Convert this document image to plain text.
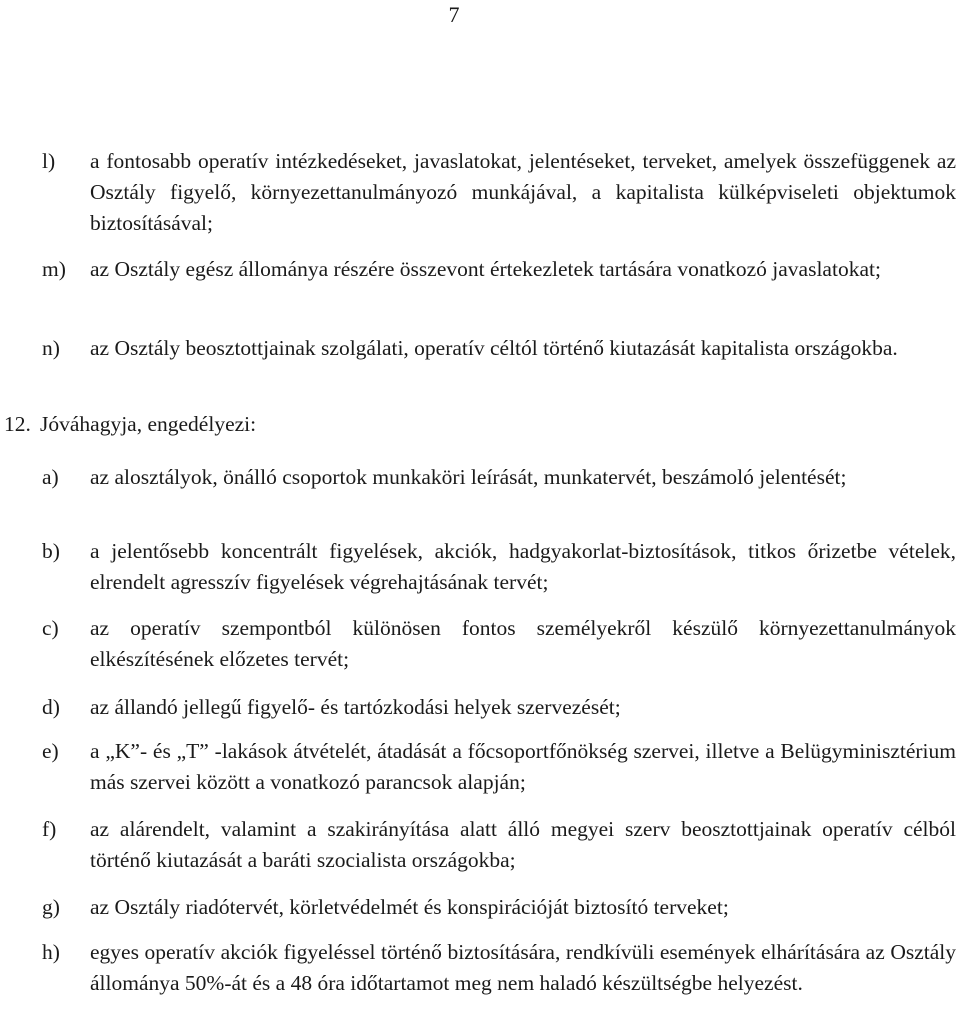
7
l) a fontosabb operatív intézkedéseket, javaslatokat, jelentéseket, terveket, amelyek összefüggenek az Osztály figyelő, környezettanulmányozó munkájával, a kapitalista külképviseleti objektumok biztosításával;
m) az Osztály egész állománya részére összevont értekezletek tartására vonatkozó javaslatokat;
n) az Osztály beosztottjainak szolgálati, operatív céltól történő kiutazását kapitalista országokba.
12. Jóváhagyja, engedélyezi:
a) az alosztályok, önálló csoportok munkaköri leírását, munkatervét, beszámoló jelentését;
b) a jelentősebb koncentrált figyelések, akciók, hadgyakorlat-biztosítások, titkos őrizetbe vételek, elrendelt agresszív figyelések végrehajtásának tervét;
c) az operatív szempontból különösen fontos személyekről készülő környezettanulmányok elkészítésének előzetes tervét;
d) az állandó jellegű figyelő- és tartózkodási helyek szervezését;
e) a „K”- és „T” -lakások átvételét, átadását a főcsoportfőnökség szervei, illetve a Belügyminisztérium más szervei között a vonatkozó parancsok alapján;
f) az alárendelt, valamint a szakirányítása alatt álló megyei szerv beosztottjainak operatív célból történő kiutazását a baráti szocialista országokba;
g) az Osztály riadótervét, körletvédelmét és konspirációját biztosító terveket;
h) egyes operatív akciók figyeléssel történő biztosítására, rendkívüli események elhárítására az Osztály állománya 50%-át és a 48 óra időtartamot meg nem haladó készültségbe helyezést.
